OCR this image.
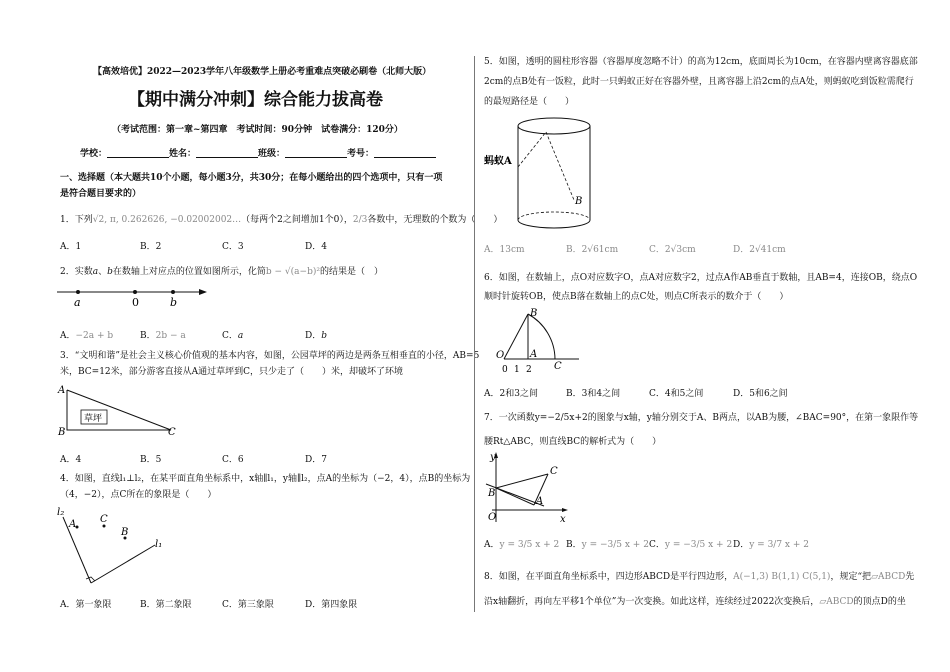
【高效培优】2022—2023学年八年级数学上册必考重难点突破必刷卷（北师大版）
【期中满分冲刺】综合能力拔高卷
（考试范围：第一章~第四章　考试时间：90分钟　试卷满分：120分）
学校：	姓名：	班级：	考号：
一、选择题（本大题共10个小题，每小题3分，共30分；在每小题给出的四个选项中，只有一项
是符合题目要求的）
1．下列√2, π, 0.262626, −0.02002002…（每两个2之间增加1个0），2/3各数中，无理数的个数为（　　）
A．1	B．2	C．3	D．4
2．实数a、b在数轴上对应点的位置如图所示，化简b − √(a−b)²的结果是（　）
a	0	b
A．−2a + b	B．2b − a	C．a	D．b
3．“文明和谐”是社会主义核心价值观的基本内容，如图，公园草坪的两边是两条互相垂直的小径，AB=5
米，BC=12米，部分游客直接从A通过草坪到C，只少走了（　　）米，却破坏了环境
草坪
A
B	C
A．4	B．5	C．6	D．7
4．如图，直线l₁⊥l₂，在某平面直角坐标系中，x轴∥l₁，y轴∥l₂，点A的坐标为（−2，4），点B的坐标为
（4，−2），点C所在的象限是（　　）
l₂
A C
B
l₁
A．第一象限	B．第二象限	C．第三象限	D．第四象限
5．如图，透明的圆柱形容器（容器厚度忽略不计）的高为12cm，底面周长为10cm，在容器内壁离容器底部
2cm的点B处有一饭粒，此时一只蚂蚁正好在容器外壁，且离容器上沿2cm的点A处，则蚂蚁吃到饭粒需爬行
的最短路径是（　　）
蚂蚁A
B
A．13cm	B．2√61cm	C．2√3cm	D．2√41cm
6．如图，在数轴上，点O对应数字O，点A对应数字2，过点A作AB垂直于数轴，且AB=4，连接OB，绕点O
顺时针旋转OB，使点B落在数轴上的点C处，则点C所表示的数介于（　　）
B
O	A
C
0 1 2
A．2和3之间	B．3和4之间	C．4和5之间	D．5和6之间
7．一次函数y=−2/5x+2的图象与x轴，y轴分别交于A、B两点，以AB为腰，∠BAC=90°，在第一象限作等
腰Rt△ABC，则直线BC的解析式为（　　）
y
C
B
A
O	x
A．y = 3/5 x + 2 B．y = −3/5 x + 2 C．y = −3/5 x + 2 D．y = 3/7 x + 2
8．如图，在平面直角坐标系中，四边形ABCD是平行四边形，A(−1,3) B(1,1) C(5,1)，规定“把▱ABCD先
沿x轴翻折，再向左平移1个单位”为一次变换。如此这样，连续经过2022次变换后，▱ABCD的顶点D的坐
